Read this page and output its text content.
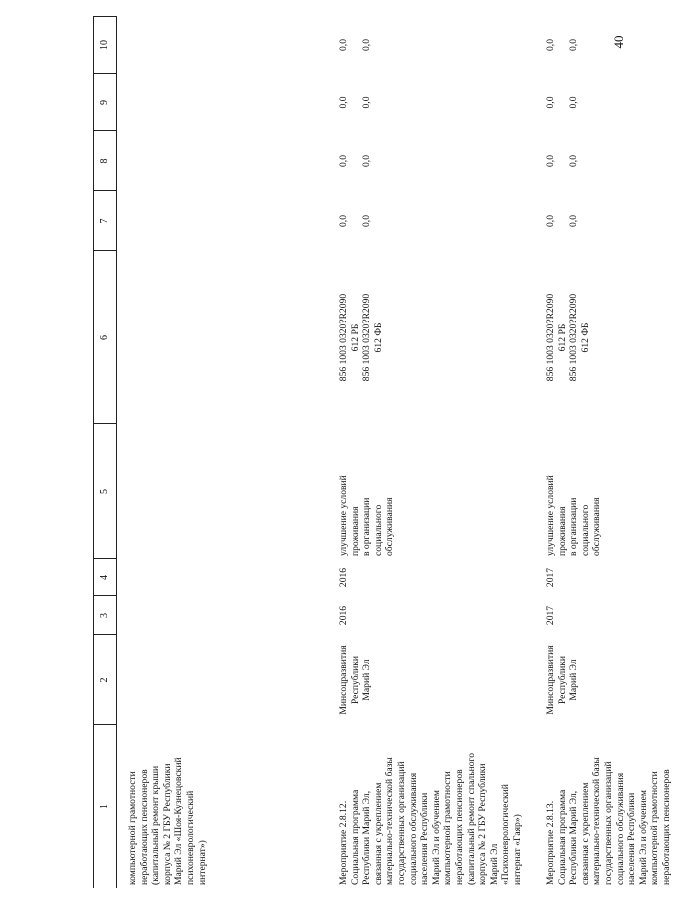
40
1
2
3
4
5
6
7
8
9
10
компьютерной грамотности
неработающих пенсионеров
(капитальный ремонт крыши
корпуса № 2 ГБУ Республики
Марий Эл «Шоя-Кузнецовский
психоневрологический
интернат»)	Мероприятие 2.8.12.
Социальная программа
Республики Марий Эл,
связанная с укреплением
материально-технической базы
государственных организаций
социального обслуживания
населения Республики
Марий Эл и обучением
компьютерной грамотности
неработающих пенсионеров
(капитальный ремонт спального
корпуса № 2 ГБУ Республики
Марий Эл
«Психоневрологический
интернат «Гаяр»)
Минсоцразвития
Республики
Марий Эл
2016
2016
улучшение условий
проживания
в организации
социального
обслуживания
856 1003 0320?R2090
612 РБ
856 1003 0320?R2090
612 ФБ
0,0

0,0
0,0

0,0
0,0

0,0
0,0

0,0
Мероприятие 2.8.13.
Социальная программа
Республики Марий Эл,
связанная с укреплением
материально-технической базы
государственных организаций
социального обслуживания
населения Республики
Марий Эл и обучением
компьютерной грамотности
неработающих пенсионеров
Минсоцразвития
Республики
Марий Эл
2017
2017
улучшение условий
проживания
в организации
социального
обслуживания
856 1003 0320?R2090
612 РБ
856 1003 0320?R2090
612 ФБ
0,0

0,0
0,0

0,0
0,0

0,0
0,0

0,0
